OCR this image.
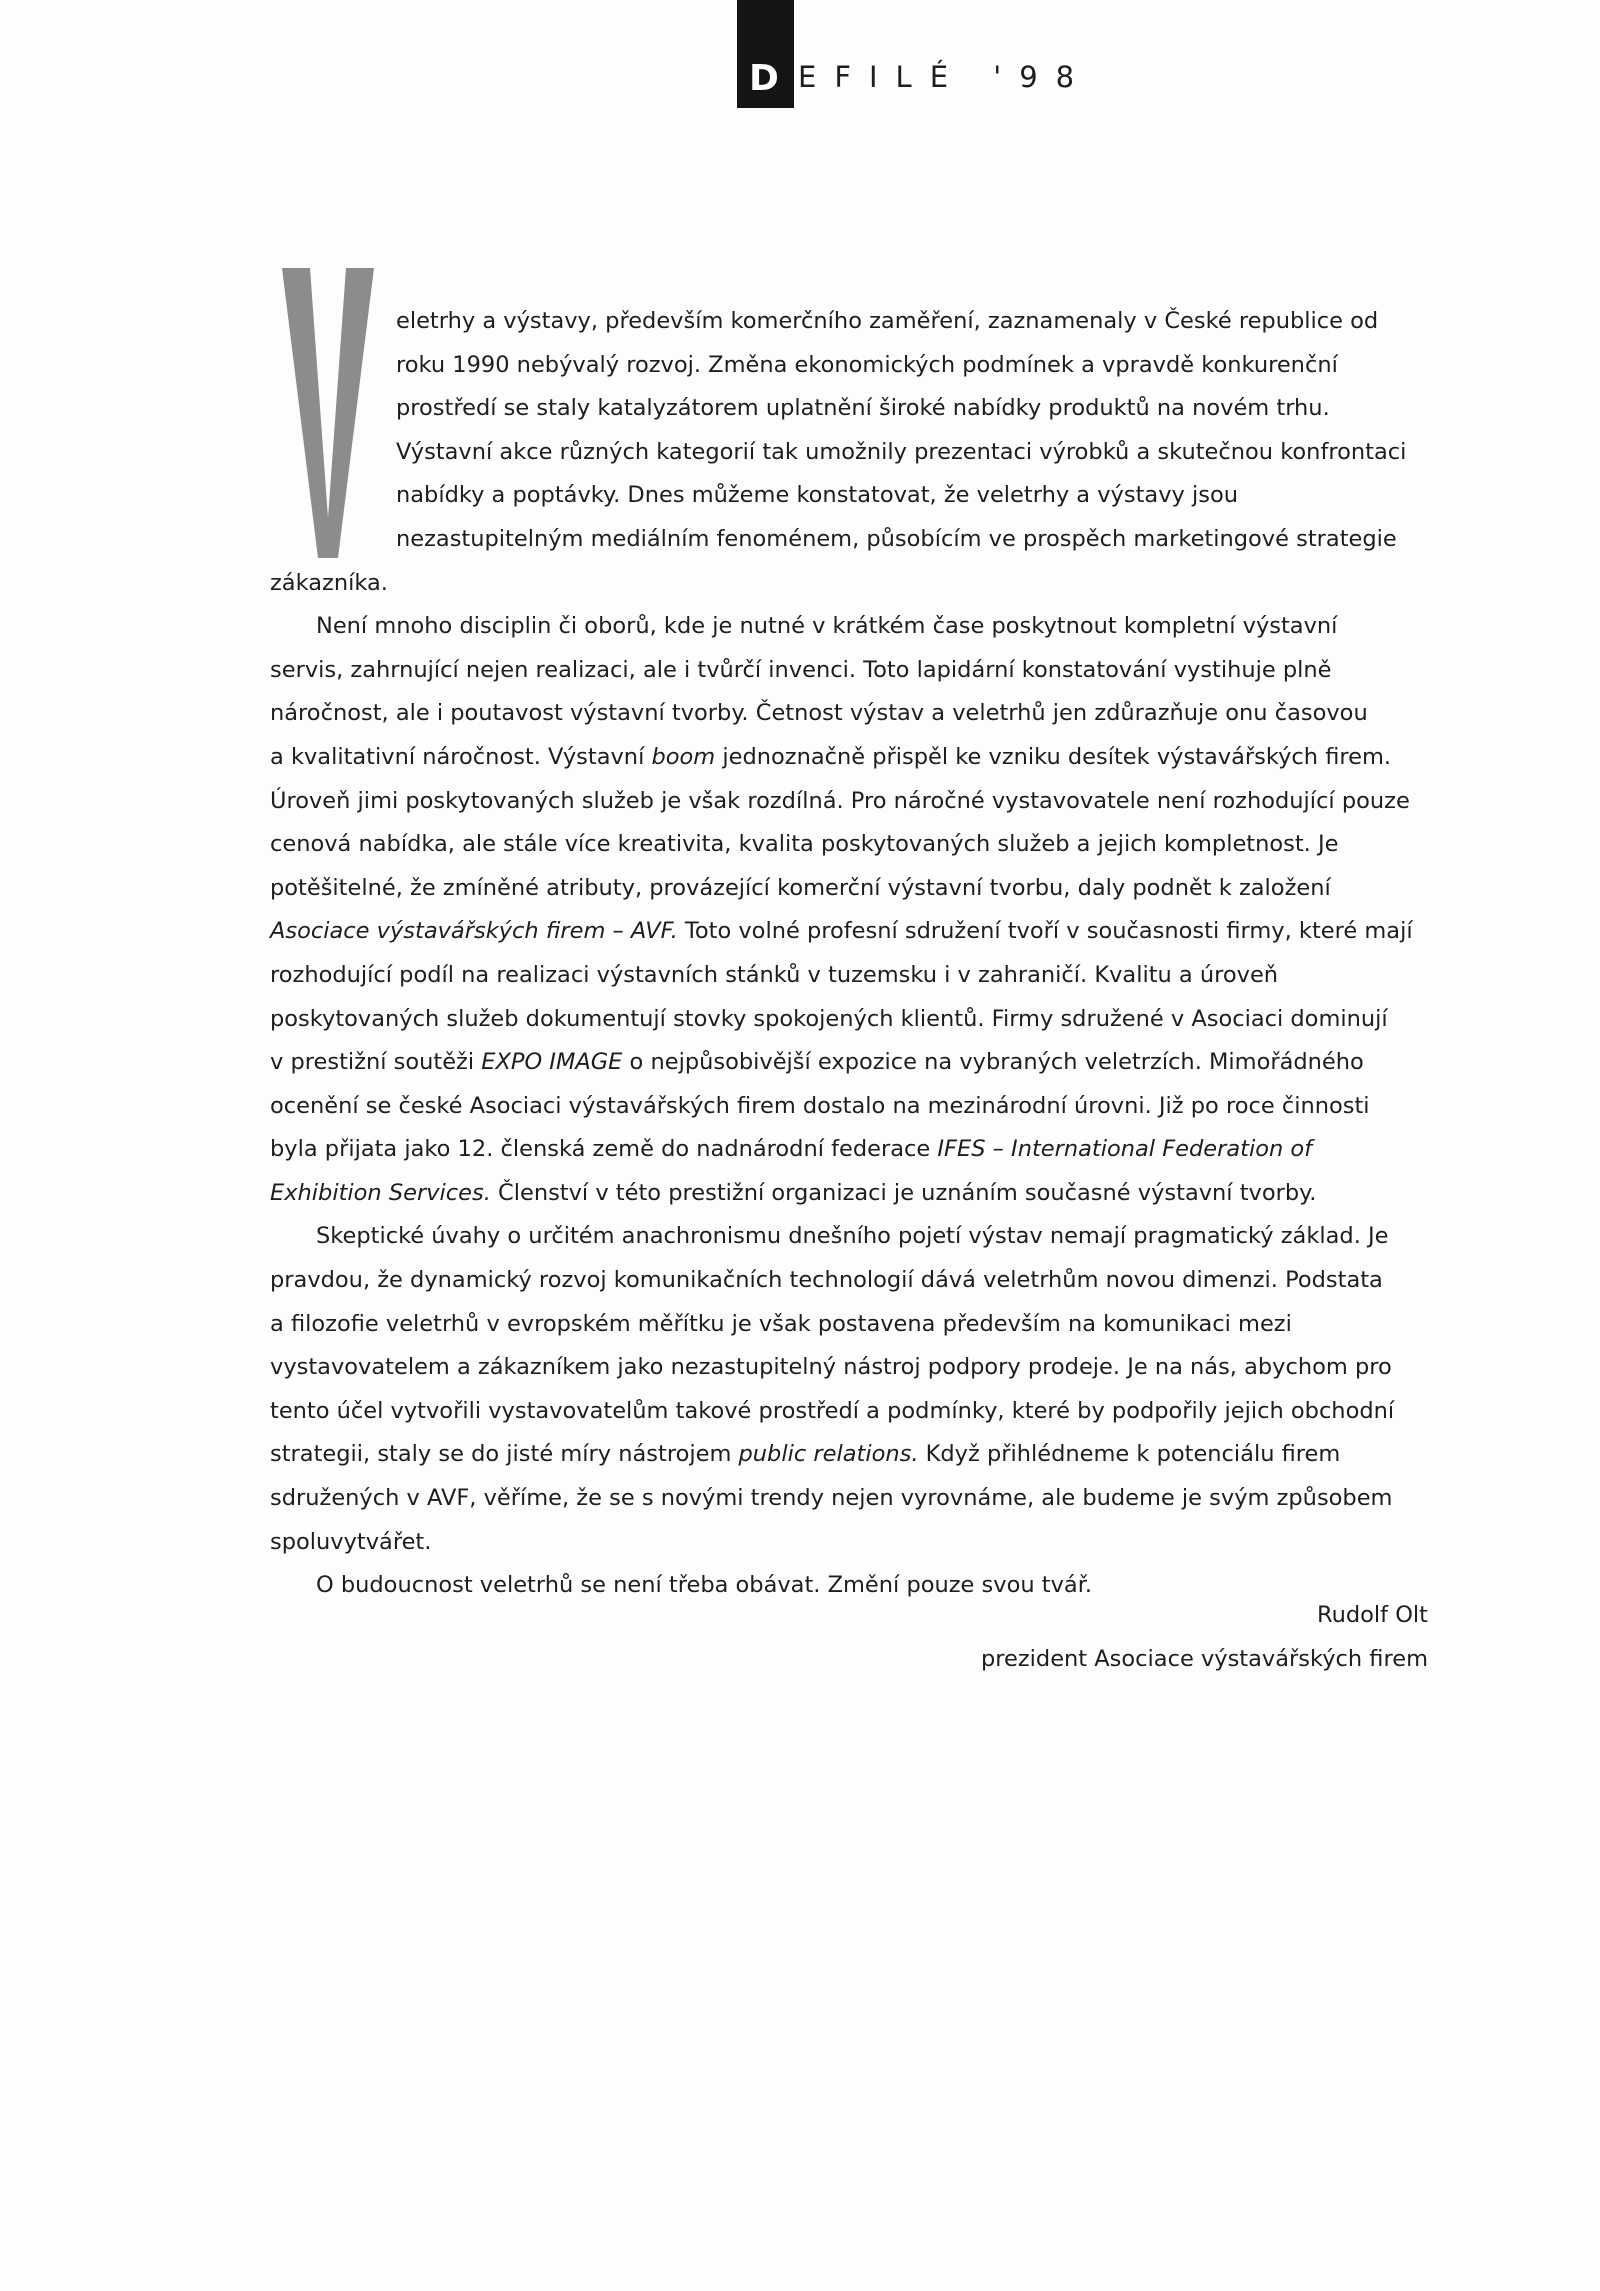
D EFILÉ '98
V
eletrhy a výstavy, především komerčního zaměření, zaznamenaly v České republice od
roku 1990 nebývalý rozvoj. Změna ekonomických podmínek a vpravdě konkurenční
prostředí se staly katalyzátorem uplatnění široké nabídky produktů na novém trhu.
Výstavní akce různých kategorií tak umožnily prezentaci výrobků a skutečnou konfrontaci
nabídky a poptávky. Dnes můžeme konstatovat, že veletrhy a výstavy jsou
nezastupitelným mediálním fenoménem, působícím ve prospěch marketingové strategie
zákazníka.
Není mnoho disciplin či oborů, kde je nutné v krátkém čase poskytnout kompletní výstavní
servis, zahrnující nejen realizaci, ale i tvůrčí invenci. Toto lapidární konstatování vystihuje plně
náročnost, ale i poutavost výstavní tvorby. Četnost výstav a veletrhů jen zdůrazňuje onu časovou
a kvalitativní náročnost. Výstavní boom jednoznačně přispěl ke vzniku desítek výstavářských firem.
Úroveň jimi poskytovaných služeb je však rozdílná. Pro náročné vystavovatele není rozhodující pouze
cenová nabídka, ale stále více kreativita, kvalita poskytovaných služeb a jejich kompletnost. Je
potěšitelné, že zmíněné atributy, provázející komerční výstavní tvorbu, daly podnět k založení
Asociace výstavářských firem – AVF. Toto volné profesní sdružení tvoří v současnosti firmy, které mají
rozhodující podíl na realizaci výstavních stánků v tuzemsku i v zahraničí. Kvalitu a úroveň
poskytovaných služeb dokumentují stovky spokojených klientů. Firmy sdružené v Asociaci dominují
v prestižní soutěži EXPO IMAGE o nejpůsobivější expozice na vybraných veletrzích. Mimořádného
ocenění se české Asociaci výstavářských firem dostalo na mezinárodní úrovni. Již po roce činnosti
byla přijata jako 12. členská země do nadnárodní federace IFES – International Federation of
Exhibition Services. Členství v této prestižní organizaci je uznáním současné výstavní tvorby.
Skeptické úvahy o určitém anachronismu dnešního pojetí výstav nemají pragmatický základ. Je
pravdou, že dynamický rozvoj komunikačních technologií dává veletrhům novou dimenzi. Podstata
a filozofie veletrhů v evropském měřítku je však postavena především na komunikaci mezi
vystavovatelem a zákazníkem jako nezastupitelný nástroj podpory prodeje. Je na nás, abychom pro
tento účel vytvořili vystavovatelům takové prostředí a podmínky, které by podpořily jejich obchodní
strategii, staly se do jisté míry nástrojem public relations. Když přihlédneme k potenciálu firem
sdružených v AVF, věříme, že se s novými trendy nejen vyrovnáme, ale budeme je svým způsobem
spoluvytvářet.
O budoucnost veletrhů se není třeba obávat. Změní pouze svou tvář.
Rudolf Olt
prezident Asociace výstavářských firem
